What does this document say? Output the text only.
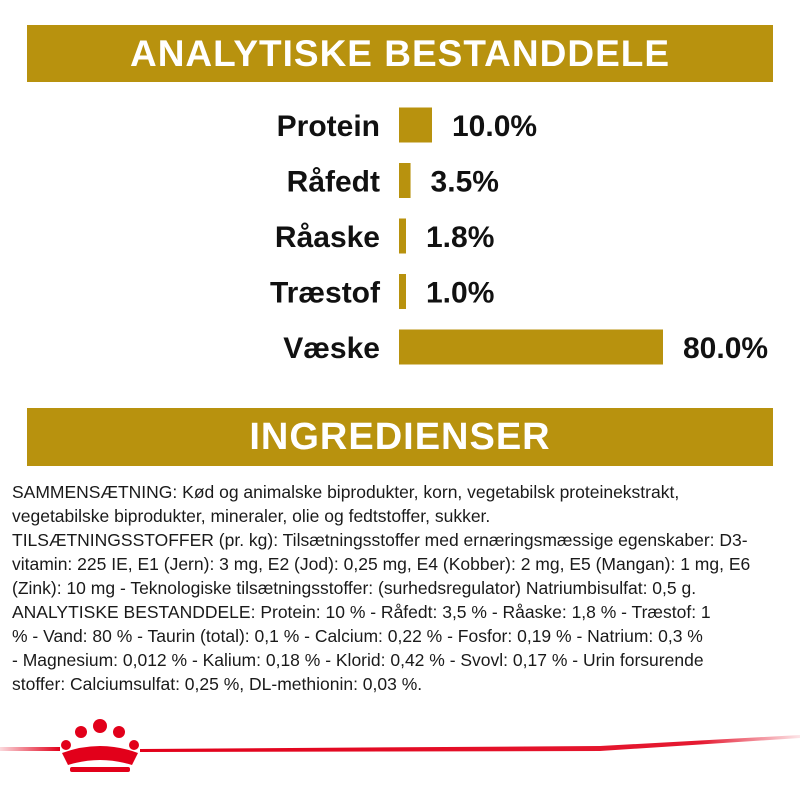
ANALYTISKE BESTANDDELE
Protein 10.0%
Råfedt 3.5%
Råaske 1.8%
Træstof 1.0%
Væske	80.0%
INGREDIENSER

SAMMENSÆTNING: Kød og animalske biprodukter, korn, vegetabilsk proteinekstrakt,
vegetabilske biprodukter, mineraler, olie og fedtstoffer, sukker.
TILSÆTNINGSSTOFFER (pr. kg): Tilsætningsstoffer med ernæringsmæssige egenskaber: D3-
vitamin: 225 IE, E1 (Jern): 3 mg, E2 (Jod): 0,25 mg, E4 (Kobber): 2 mg, E5 (Mangan): 1 mg, E6
(Zink): 10 mg - Teknologiske tilsætningsstoffer: (surhedsregulator) Natriumbisulfat: 0,5 g.
ANALYTISKE BESTANDDELE: Protein: 10 % - Råfedt: 3,5 % - Råaske: 1,8 % - Træstof: 1
% - Vand: 80 % - Taurin (total): 0,1 % - Calcium: 0,22 % - Fosfor: 0,19 % - Natrium: 0,3 %
- Magnesium: 0,012 % - Kalium: 0,18 % - Klorid: 0,42 % - Svovl: 0,17 % - Urin forsurende
stoffer: Calciumsulfat: 0,25 %, DL-methionin: 0,03 %.
